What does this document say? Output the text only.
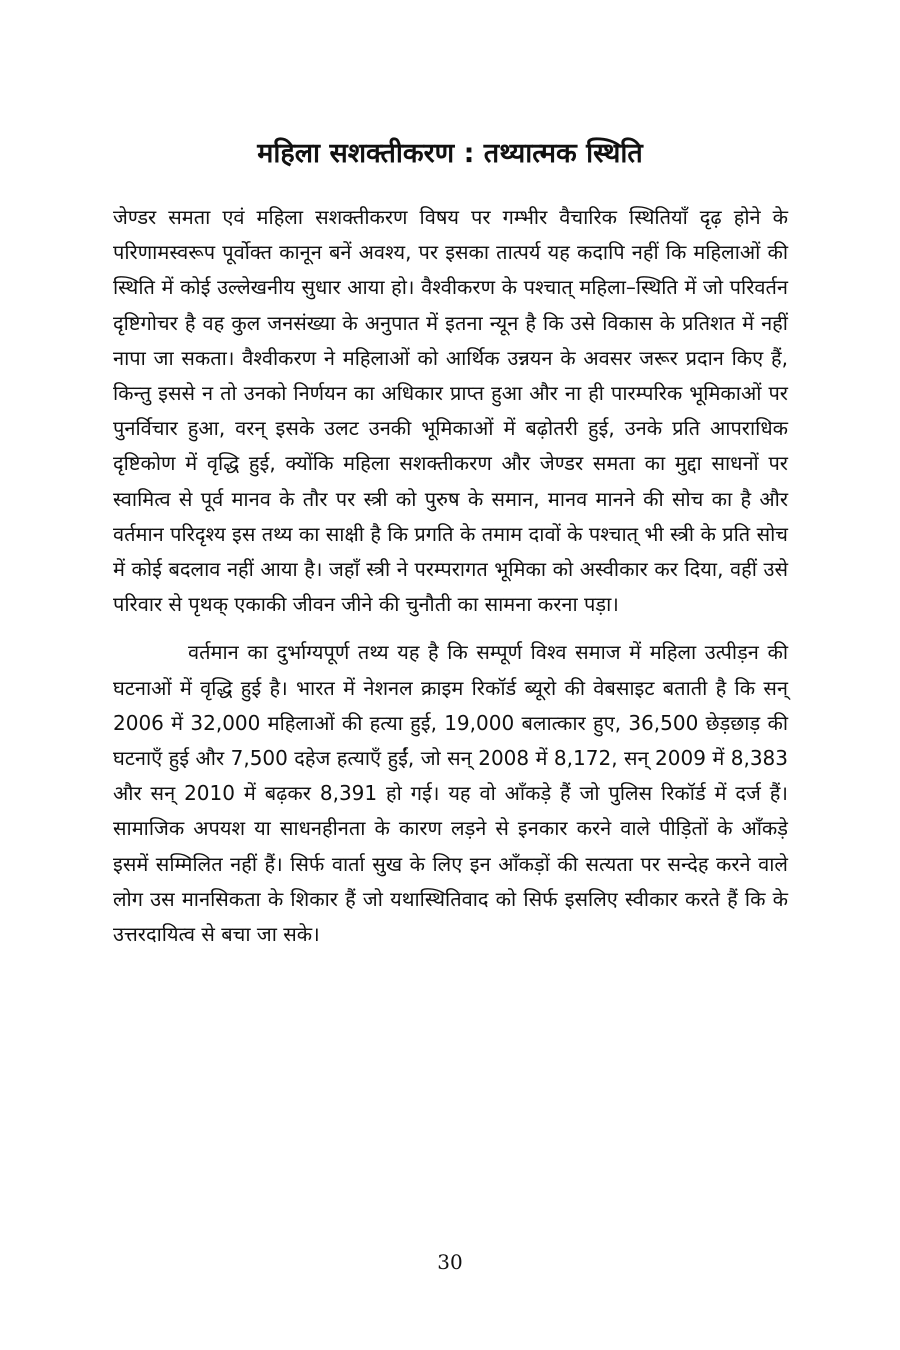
महिला सशक्तीकरण : तथ्यात्मक स्थिति

जेण्डर समता एवं महिला सशक्तीकरण विषय पर गम्भीर वैचारिक स्थितियाँ दृढ़ होने के परिणामस्वरूप पूर्वोक्त कानून बनें अवश्य, पर इसका तात्पर्य यह कदापि नहीं कि महिलाओं की स्थिति में कोई उल्लेखनीय सुधार आया हो। वैश्वीकरण के पश्चात् महिला–स्थिति में जो परिवर्तन दृष्टिगोचर है वह कुल जनसंख्या के अनुपात में इतना न्यून है कि उसे विकास के प्रतिशत में नहीं नापा जा सकता। वैश्वीकरण ने महिलाओं को आर्थिक उन्नयन के अवसर जरूर प्रदान किए हैं, किन्तु इससे न तो उनको निर्णयन का अधिकार प्राप्त हुआ और ना ही पारम्परिक भूमिकाओं पर पुनर्विचार हुआ, वरन् इसके उलट उनकी भूमिकाओं में बढ़ोतरी हुई, उनके प्रति आपराधिक दृष्टिकोण में वृद्धि हुई, क्योंकि महिला सशक्तीकरण और जेण्डर समता का मुद्दा साधनों पर स्वामित्व से पूर्व मानव के तौर पर स्त्री को पुरुष के समान, मानव मानने की सोच का है और वर्तमान परिदृश्य इस तथ्य का साक्षी है कि प्रगति के तमाम दावों के पश्चात् भी स्त्री के प्रति सोच में कोई बदलाव नहीं आया है। जहाँ स्त्री ने परम्परागत भूमिका को अस्वीकार कर दिया, वहीं उसे परिवार से पृथक् एकाकी जीवन जीने की चुनौती का सामना करना पड़ा।

वर्तमान का दुर्भाग्यपूर्ण तथ्य यह है कि सम्पूर्ण विश्व समाज में महिला उत्पीड़न की घटनाओं में वृद्धि हुई है। भारत में नेशनल क्राइम रिकॉर्ड ब्यूरो की वेबसाइट बताती है कि सन् 2006 में 32,000 महिलाओं की हत्या हुई, 19,000 बलात्कार हुए, 36,500 छेड़छाड़ की घटनाएँ हुई और 7,500 दहेज हत्याएँ हुईं, जो सन् 2008 में 8,172, सन् 2009 में 8,383 और सन् 2010 में बढ़कर 8,391 हो गई। यह वो आँकड़े हैं जो पुलिस रिकॉर्ड में दर्ज हैं। सामाजिक अपयश या साधनहीनता के कारण लड़ने से इनकार करने वाले पीड़ितों के आँकड़े इसमें सम्मिलित नहीं हैं। सिर्फ वार्ता सुख के लिए इन आँकड़ों की सत्यता पर सन्देह करने वाले लोग उस मानसिकता के शिकार हैं जो यथास्थितिवाद को सिर्फ इसलिए स्वीकार करते हैं कि के उत्तरदायित्व से बचा जा सके।

30
